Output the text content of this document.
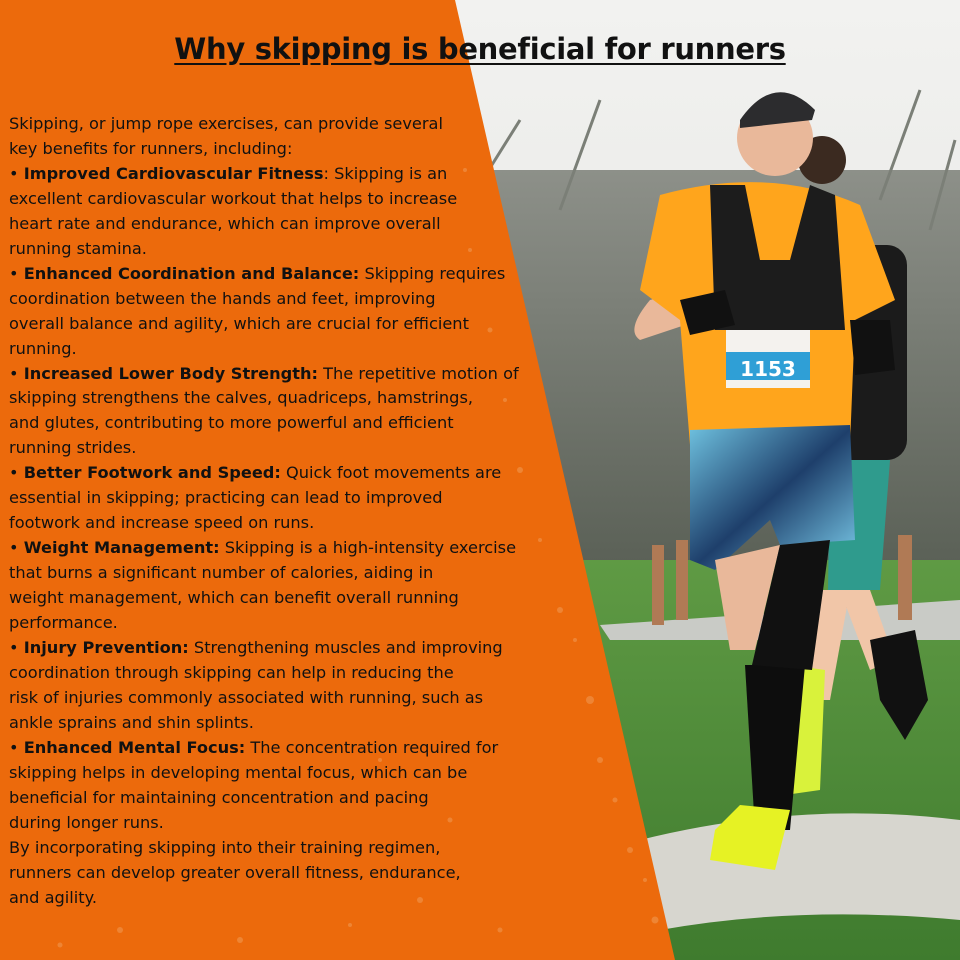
1153
Why skipping is beneficial for runners
Skipping, or jump rope exercises, can provide several
key benefits for runners, including:
• Improved Cardiovascular Fitness: Skipping is an
excellent cardiovascular workout that helps to increase
heart rate and endurance, which can improve overall
running stamina.
• Enhanced Coordination and Balance: Skipping requires
coordination between the hands and feet, improving
overall balance and agility, which are crucial for efficient
running.
• Increased Lower Body Strength: The repetitive motion of
skipping strengthens the calves, quadriceps, hamstrings,
and glutes, contributing to more powerful and efficient
running strides.
• Better Footwork and Speed: Quick foot movements are
essential in skipping; practicing can lead to improved
footwork and increase speed on runs.
• Weight Management: Skipping is a high-intensity exercise
that burns a significant number of calories, aiding in
weight management, which can benefit overall running
performance.
• Injury Prevention: Strengthening muscles and improving
coordination through skipping can help in reducing the
risk of injuries commonly associated with running, such as
ankle sprains and shin splints.
• Enhanced Mental Focus: The concentration required for
skipping helps in developing mental focus, which can be
beneficial for maintaining concentration and pacing
during longer runs.
By incorporating skipping into their training regimen,
runners can develop greater overall fitness, endurance,
and agility.
